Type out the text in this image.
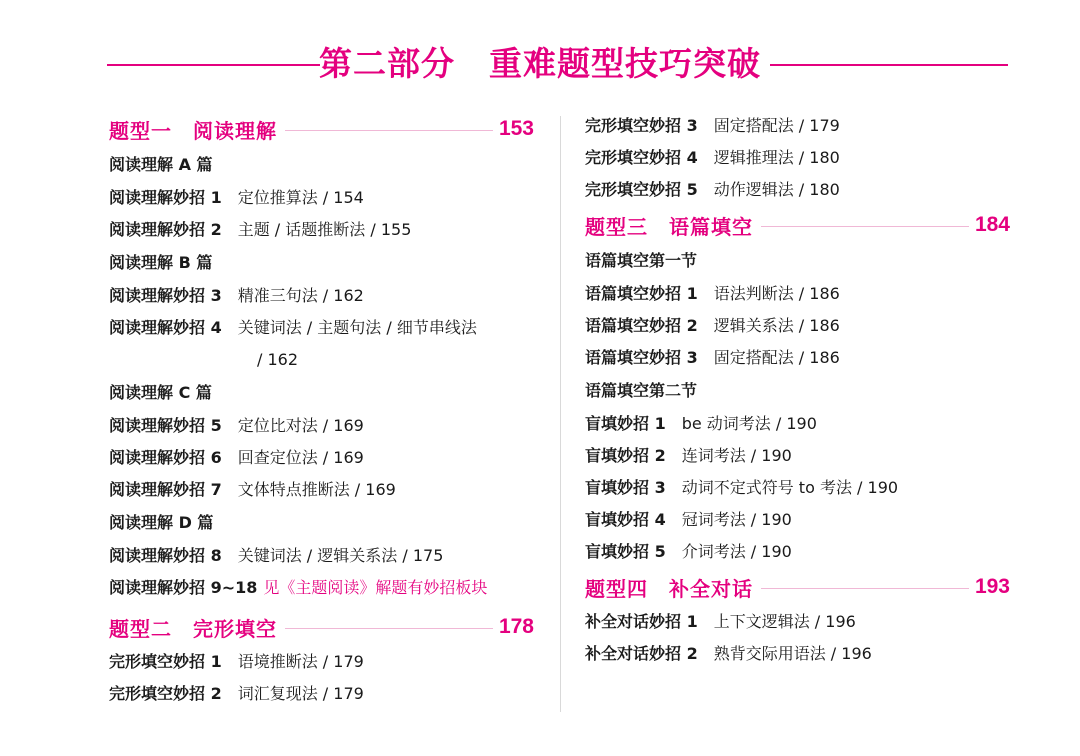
第二部分　重难题型技巧突破
题型一　阅读理解	153
阅读理解 A 篇
阅读理解妙招 1	定位推算法 / 154
阅读理解妙招 2	主题 / 话题推断法 / 155
阅读理解 B 篇
阅读理解妙招 3	精准三句法 / 162
阅读理解妙招 4	关键词法 / 主题句法 / 细节串线法
/ 162
阅读理解 C 篇
阅读理解妙招 5	定位比对法 / 169
阅读理解妙招 6	回查定位法 / 169
阅读理解妙招 7	文体特点推断法 / 169
阅读理解 D 篇
阅读理解妙招 8	关键词法 / 逻辑关系法 / 175
阅读理解妙招 9~18 见《主题阅读》解题有妙招板块
题型二　完形填空	178
完形填空妙招 1	语境推断法 / 179
完形填空妙招 2	词汇复现法 / 179
完形填空妙招 3	固定搭配法 / 179
完形填空妙招 4	逻辑推理法 / 180
完形填空妙招 5	动作逻辑法 / 180
题型三　语篇填空	184
语篇填空第一节
语篇填空妙招 1	语法判断法 / 186
语篇填空妙招 2	逻辑关系法 / 186
语篇填空妙招 3	固定搭配法 / 186
语篇填空第二节
盲填妙招 1	be 动词考法 / 190
盲填妙招 2	连词考法 / 190
盲填妙招 3	动词不定式符号 to 考法 / 190
盲填妙招 4	冠词考法 / 190
盲填妙招 5	介词考法 / 190
题型四　补全对话	193
补全对话妙招 1	上下文逻辑法 / 196
补全对话妙招 2	熟背交际用语法 / 196
